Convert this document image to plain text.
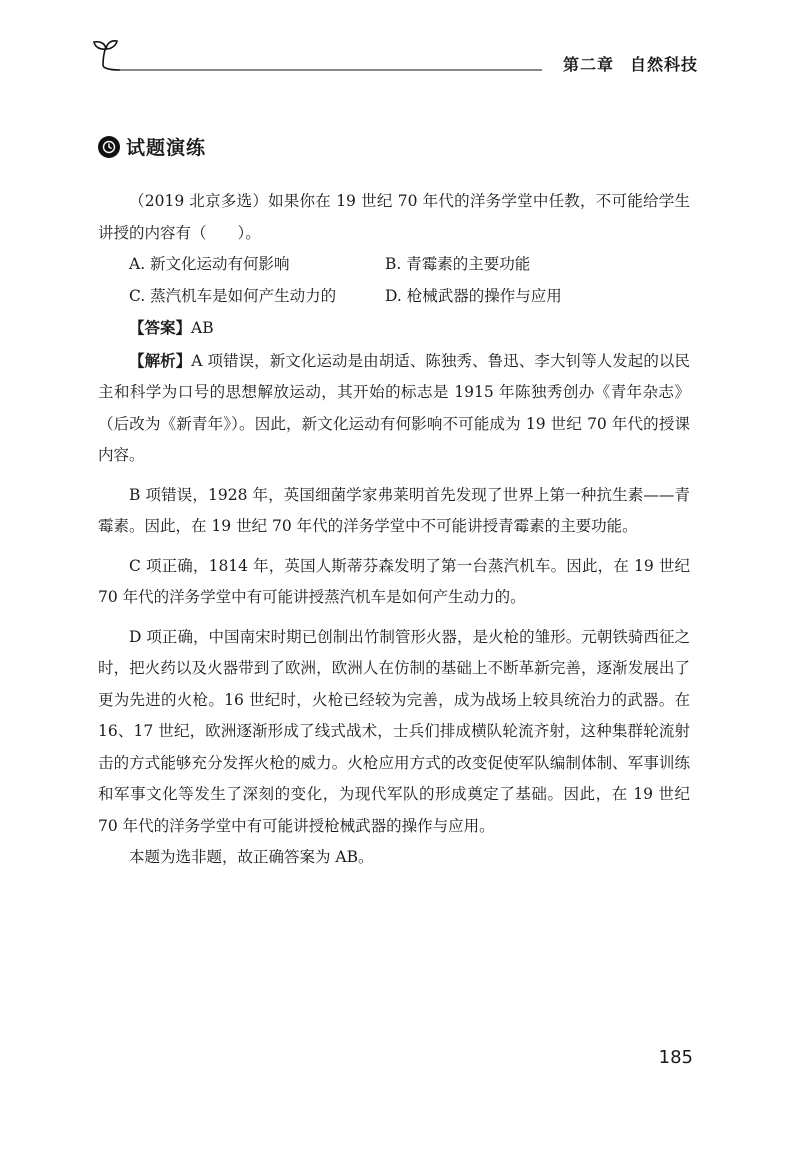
第二章 自然科技
试题演练

（2019 北京多选）如果你在 19 世纪 70 年代的洋务学堂中任教，不可能给学生讲授的内容有（　　）。

A. 新文化运动有何影响	B. 青霉素的主要功能
C. 蒸汽机车是如何产生动力的	D. 枪械武器的操作与应用

【答案】AB

【解析】A 项错误，新文化运动是由胡适、陈独秀、鲁迅、李大钊等人发起的以民主和科学为口号的思想解放运动，其开始的标志是 1915 年陈独秀创办《青年杂志》（后改为《新青年》）。因此，新文化运动有何影响不可能成为 19 世纪 70 年代的授课内容。

B 项错误，1928 年，英国细菌学家弗莱明首先发现了世界上第一种抗生素——青霉素。因此，在 19 世纪 70 年代的洋务学堂中不可能讲授青霉素的主要功能。

C 项正确，1814 年，英国人斯蒂芬森发明了第一台蒸汽机车。因此，在 19 世纪 70 年代的洋务学堂中有可能讲授蒸汽机车是如何产生动力的。

D 项正确，中国南宋时期已创制出竹制管形火器，是火枪的雏形。元朝铁骑西征之时，把火药以及火器带到了欧洲，欧洲人在仿制的基础上不断革新完善，逐渐发展出了更为先进的火枪。16 世纪时，火枪已经较为完善，成为战场上较具统治力的武器。在 16、17 世纪，欧洲逐渐形成了线式战术，士兵们排成横队轮流齐射，这种集群轮流射击的方式能够充分发挥火枪的威力。火枪应用方式的改变促使军队编制体制、军事训练和军事文化等发生了深刻的变化，为现代军队的形成奠定了基础。因此，在 19 世纪 70 年代的洋务学堂中有可能讲授枪械武器的操作与应用。

本题为选非题，故正确答案为 AB。

185
